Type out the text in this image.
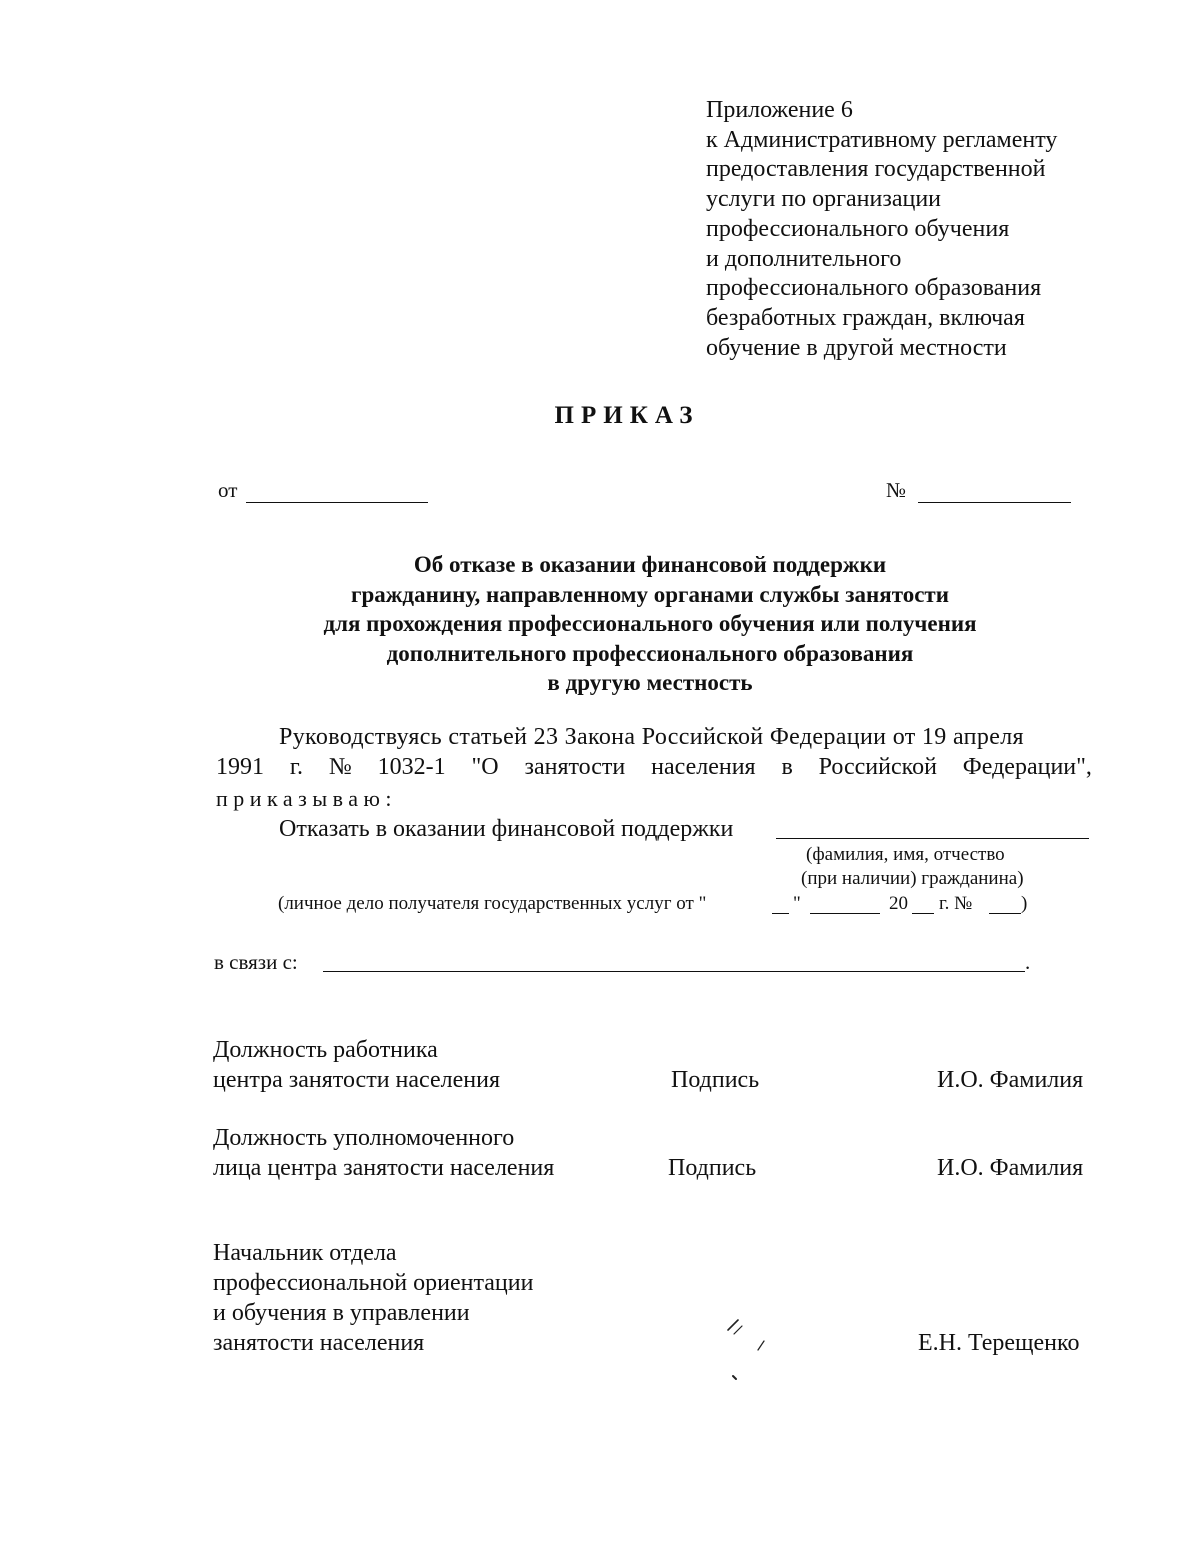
Приложение 6
к Административному регламенту
предоставления государственной
услуги по организации
профессионального обучения
и дополнительного
профессионального образования
безработных граждан, включая
обучение в другой местности
ПРИКАЗ
от	№
Об отказе в оказании финансовой поддержки
гражданину, направленному органами службы занятости
для прохождения профессионального обучения или получения
дополнительного профессионального образования
в другую местность
Руководствуясь статьей 23 Закона Российской Федерации от 19 апреля
1991 г. № 1032-1 "О занятости населения в Российской Федерации",
приказываю:
Отказать в оказании финансовой поддержки
(фамилия, имя, отчество
(при наличии) гражданина)
(личное дело получателя государственных услуг от "	"	20 г. №	)
в связи с:	.
Должность работника
центра занятости населения	Подпись	И.О. Фамилия
Должность уполномоченного
лица центра занятости населения	Подпись	И.О. Фамилия
Начальник отдела
профессиональной ориентации
и обучения в управлении
занятости населения	Е.Н. Терещенко
